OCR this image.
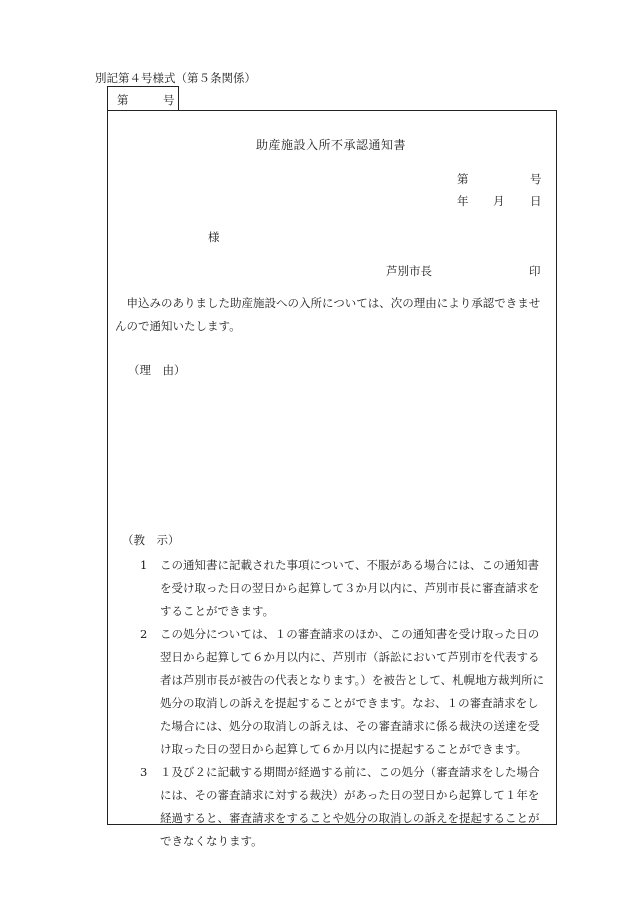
別記第４号様式（第５条関係）
第	号
助産施設入所不承認通知書
第	号
年 月 日
様
芦別市長	印
申込みのありました助産施設への入所については、次の理由により承認できませんので通知いたします。
（理　由）
（教　示）
1 この通知書に記載された事項について、不服がある場合には、この通知書を受け取った日の翌日から起算して３か月以内に、芦別市長に審査請求をすることができます。
2 この処分については、１の審査請求のほか、この通知書を受け取った日の翌日から起算して６か月以内に、芦別市（訴訟において芦別市を代表する者は芦別市長が被告の代表となります。）を被告として、札幌地方裁判所に処分の取消しの訴えを提起することができます。なお、１の審査請求をした場合には、処分の取消しの訴えは、その審査請求に係る裁決の送達を受け取った日の翌日から起算して６か月以内に提起することができます。
3 １及び２に記載する期間が経過する前に、この処分（審査請求をした場合には、その審査請求に対する裁決）があった日の翌日から起算して１年を経過すると、審査請求をすることや処分の取消しの訴えを提起することができなくなります。
